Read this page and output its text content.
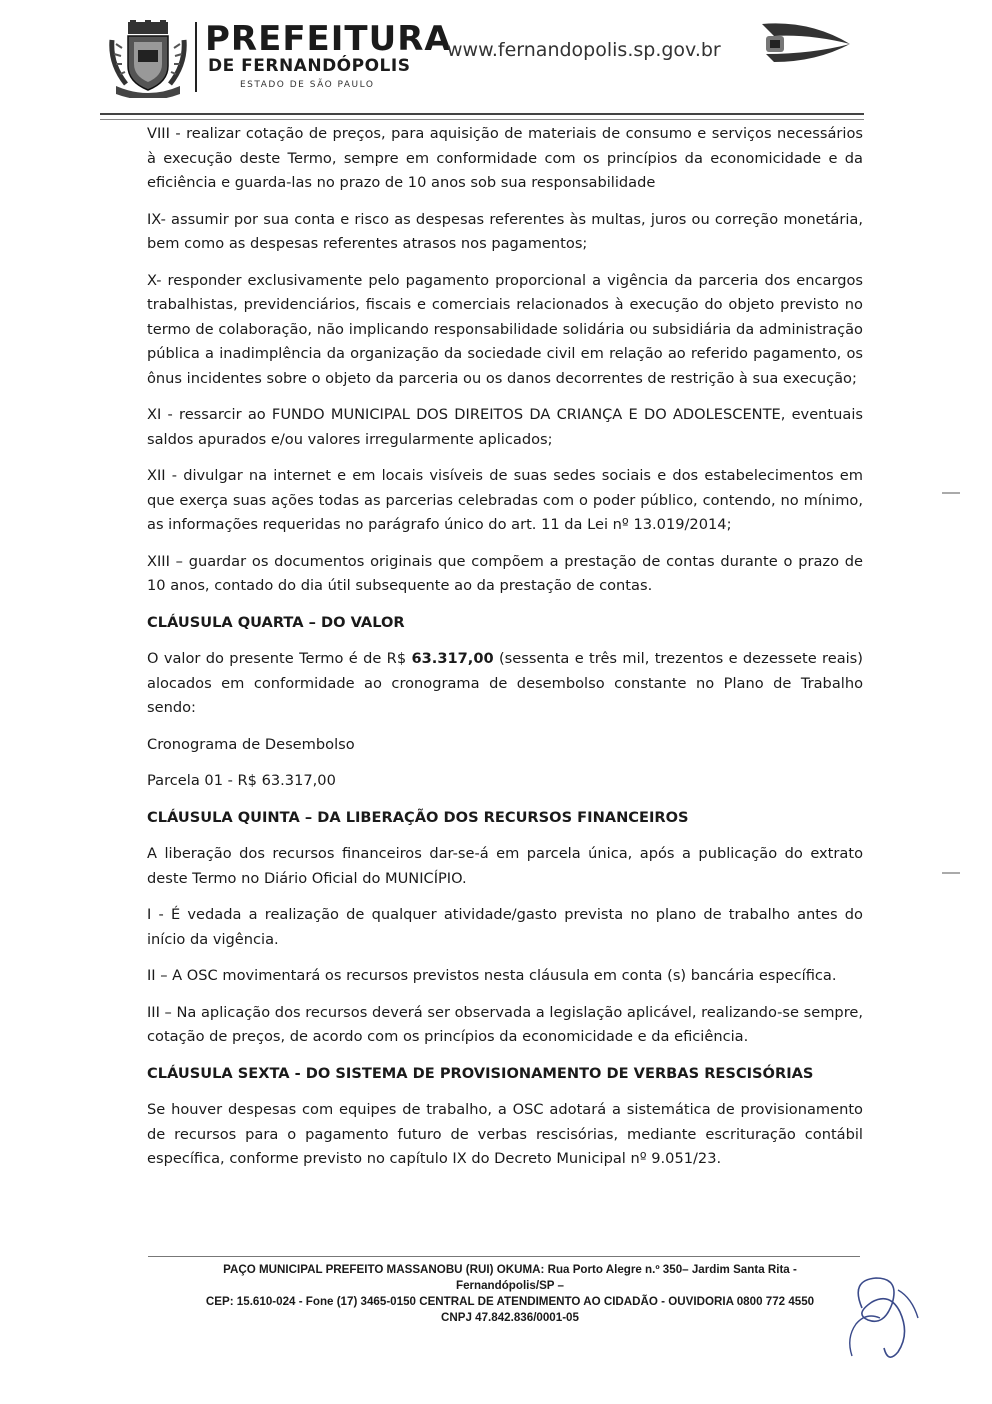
PREFEITURA
DE FERNANDÓPOLIS
ESTADO DE SÃO PAULO
www.fernandopolis.sp.gov.br

VIII - realizar cotação de preços, para aquisição de materiais de consumo e serviços necessários à execução deste Termo, sempre em conformidade com os princípios da economicidade e da eficiência e guarda-las no prazo de 10 anos sob sua responsabilidade

IX- assumir por sua conta e risco as despesas referentes às multas, juros ou correção monetária, bem como as despesas referentes atrasos nos pagamentos;

X- responder exclusivamente pelo pagamento proporcional a vigência da parceria dos encargos trabalhistas, previdenciários, fiscais e comerciais relacionados à execução do objeto previsto no termo de colaboração, não implicando responsabilidade solidária ou subsidiária da administração pública a inadimplência da organização da sociedade civil em relação ao referido pagamento, os ônus incidentes sobre o objeto da parceria ou os danos decorrentes de restrição à sua execução;

XI - ressarcir ao FUNDO MUNICIPAL DOS DIREITOS DA CRIANÇA E DO ADOLESCENTE, eventuais saldos apurados e/ou valores irregularmente aplicados;

XII - divulgar na internet e em locais visíveis de suas sedes sociais e dos estabelecimentos em que exerça suas ações todas as parcerias celebradas com o poder público, contendo, no mínimo, as informações requeridas no parágrafo único do art. 11 da Lei nº 13.019/2014;

XIII – guardar os documentos originais que compõem a prestação de contas durante o prazo de 10 anos, contado do dia útil subsequente ao da prestação de contas.

CLÁUSULA QUARTA – DO VALOR

O valor do presente Termo é de R$ 63.317,00 (sessenta e três mil, trezentos e dezessete reais) alocados em conformidade ao cronograma de desembolso constante no Plano de Trabalho sendo:

Cronograma de Desembolso

Parcela 01 - R$ 63.317,00

CLÁUSULA QUINTA – DA LIBERAÇÃO DOS RECURSOS FINANCEIROS

A liberação dos recursos financeiros dar-se-á em parcela única, após a publicação do extrato deste Termo no Diário Oficial do MUNICÍPIO.

I - É vedada a realização de qualquer atividade/gasto prevista no plano de trabalho antes do início da vigência.

II – A OSC movimentará os recursos previstos nesta cláusula em conta (s) bancária específica.

III – Na aplicação dos recursos deverá ser observada a legislação aplicável, realizando-se sempre, cotação de preços, de acordo com os princípios da economicidade e da eficiência.

CLÁUSULA SEXTA - DO SISTEMA DE PROVISIONAMENTO DE VERBAS RESCISÓRIAS

Se houver despesas com equipes de trabalho, a OSC adotará a sistemática de provisionamento de recursos para o pagamento futuro de verbas rescisórias, mediante escrituração contábil específica, conforme previsto no capítulo IX do Decreto Municipal nº 9.051/23.

PAÇO MUNICIPAL PREFEITO MASSANOBU (RUI) OKUMA: Rua Porto Alegre n.º 350– Jardim Santa Rita -
Fernandópolis/SP –
CEP: 15.610-024 - Fone (17) 3465-0150 CENTRAL DE ATENDIMENTO AO CIDADÃO - OUVIDORIA 0800 772 4550
CNPJ 47.842.836/0001-05
